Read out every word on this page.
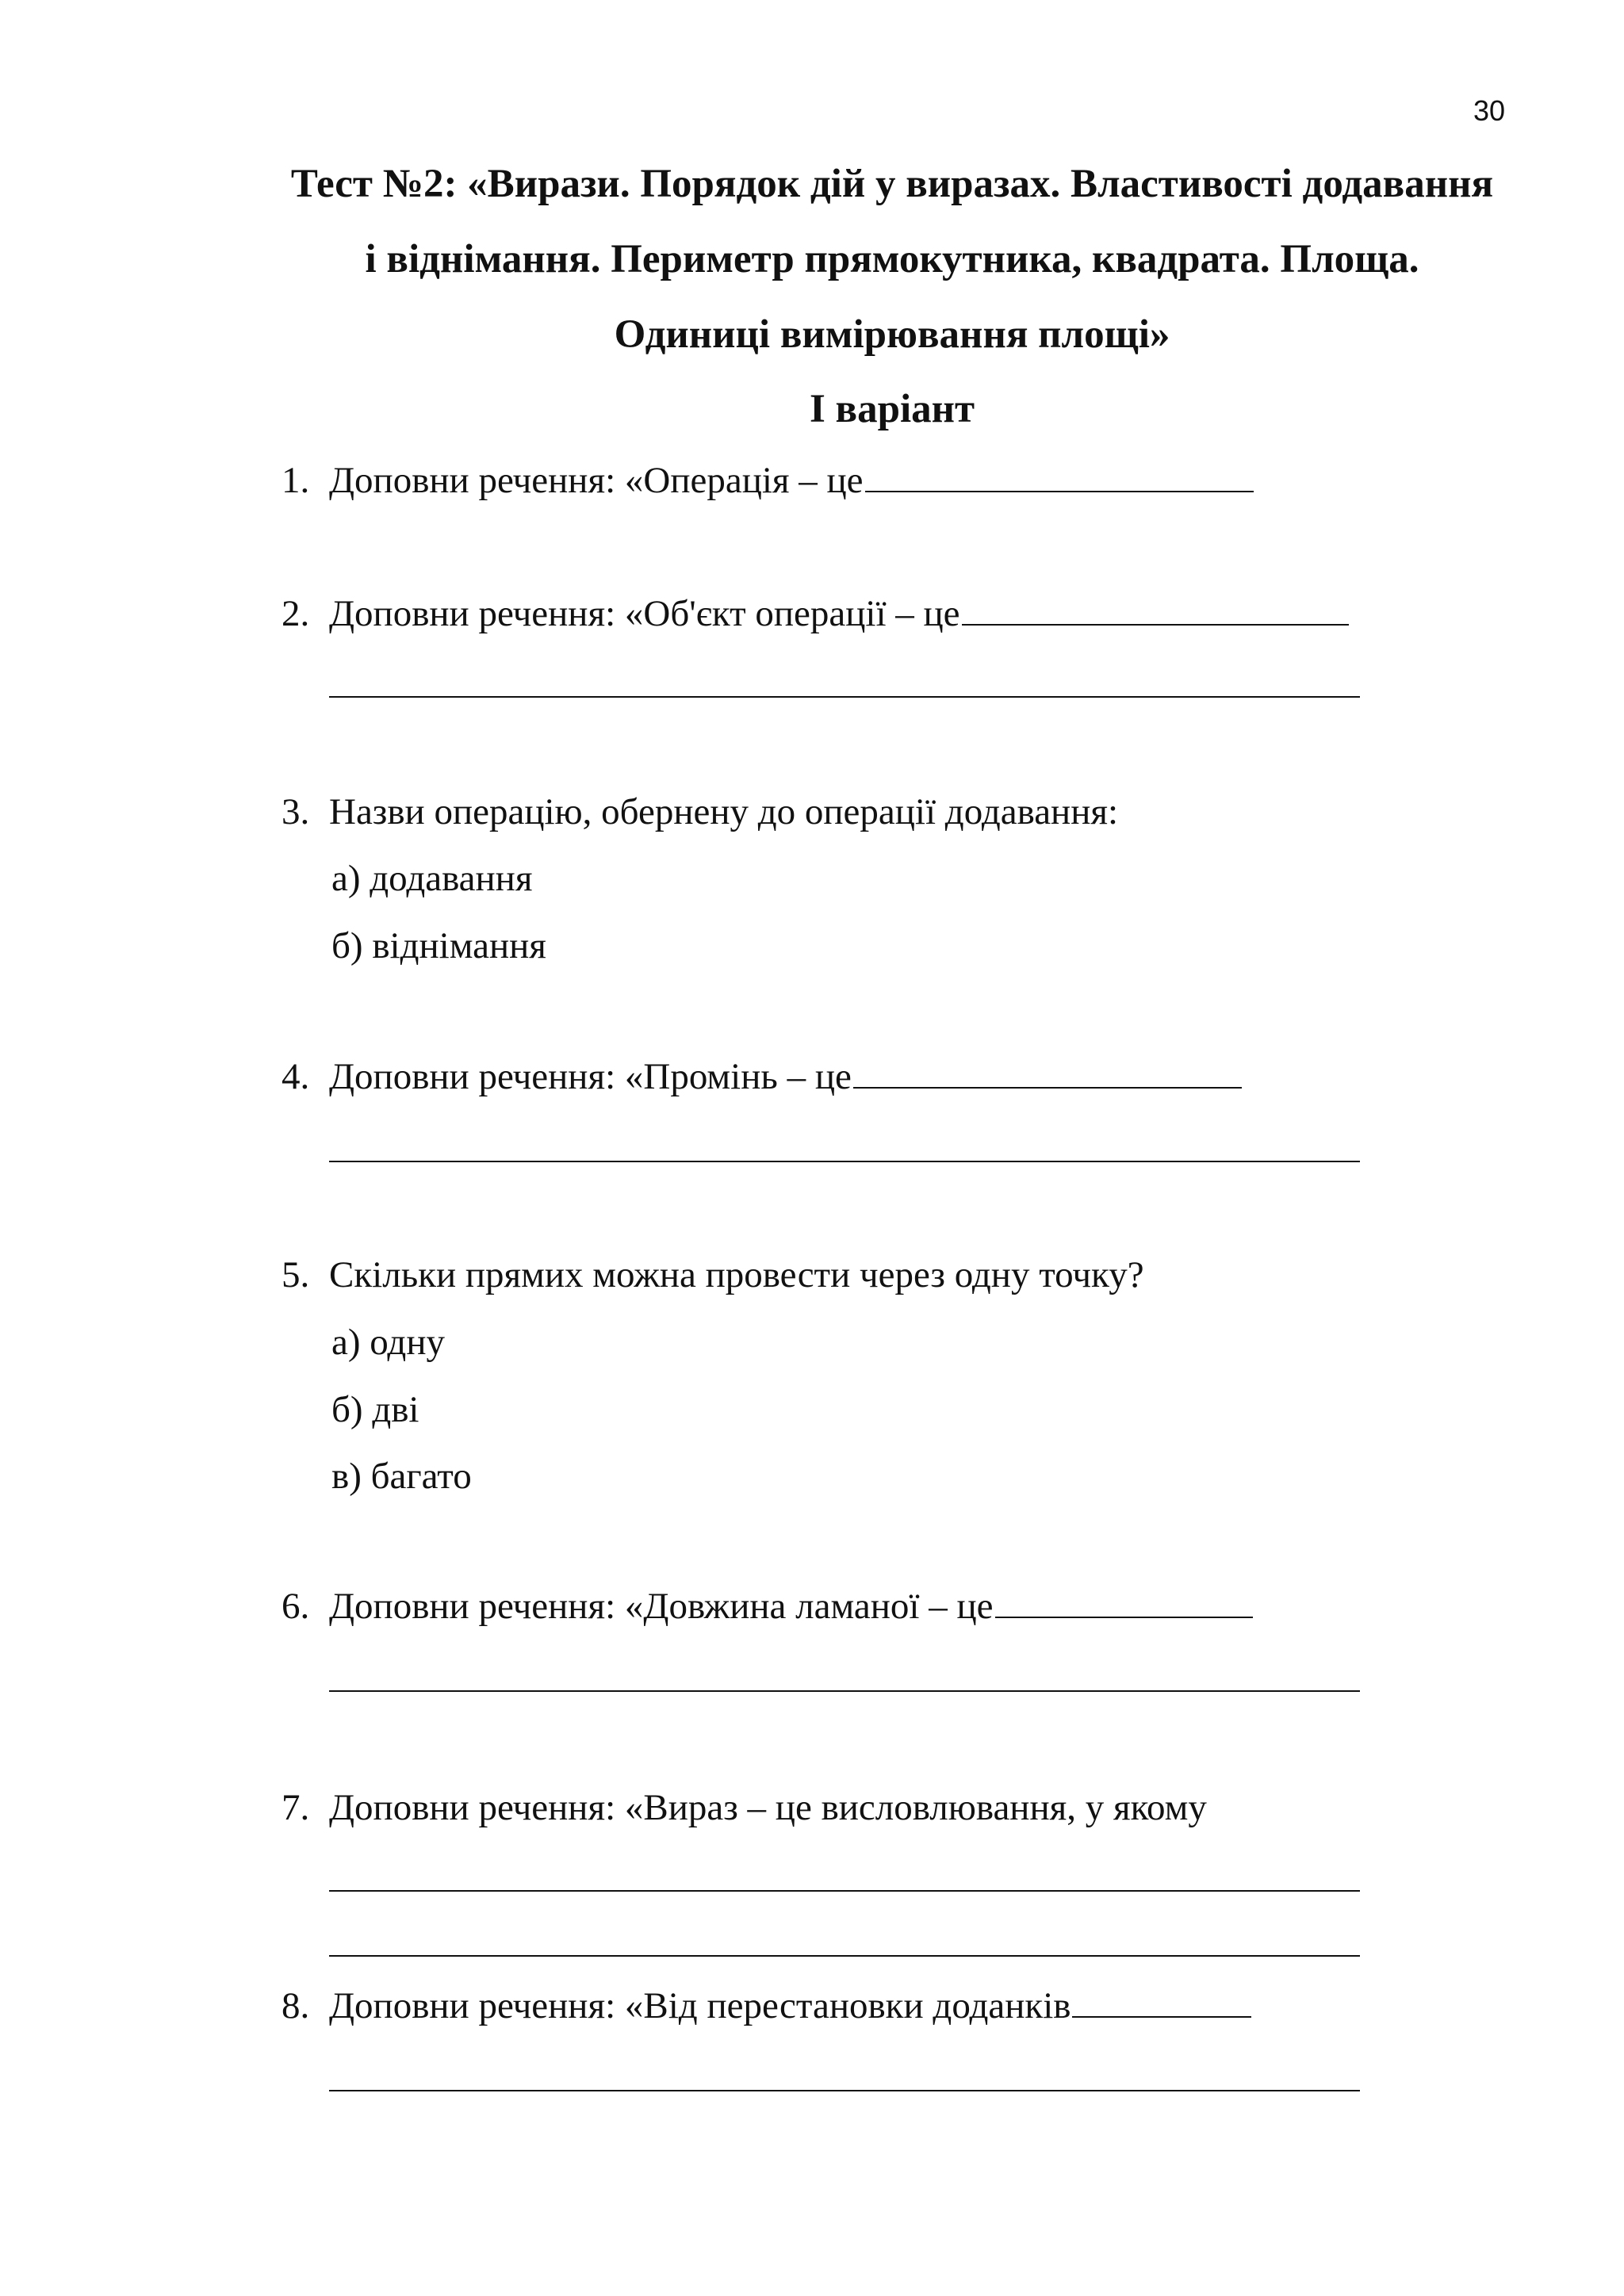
30
Тест №2: «Вирази. Порядок дій у виразах. Властивості додавання
і віднімання. Периметр прямокутника, квадрата. Площа.
Одиниці вимірювання площі»
І варіант
1. Доповни речення: «Операція – це
2. Доповни речення: «Об'єкт операції – це
3. Назви операцію, обернену до операції додавання:
а) додавання
б) віднімання
4. Доповни речення: «Промінь – це
5. Скільки прямих можна провести через одну точку?
а) одну
б) дві
в) багато
6. Доповни речення: «Довжина ламаної – це
7. Доповни речення: «Вираз – це висловлювання, у якому
8. Доповни речення: «Від перестановки доданків
